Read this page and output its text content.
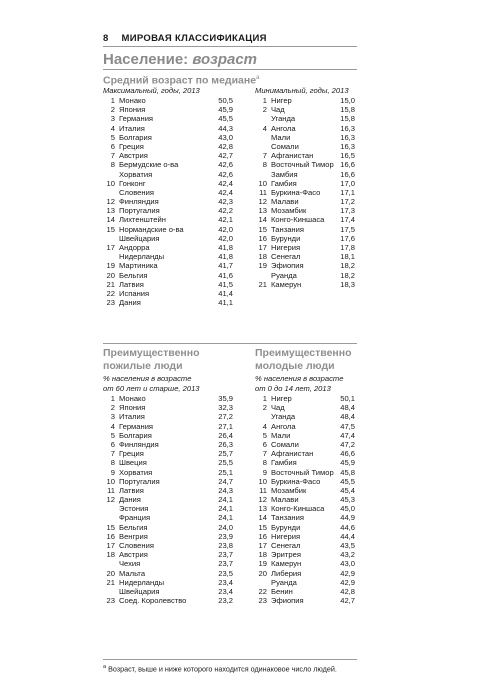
8 МИРОВАЯ КЛАССИФИКАЦИЯ
Население: возраст
Средний возраст по медиане$^а$
Максимальный, годы, 2013	Минимальный, годы, 2013
1 Монако	50,5
2 Япония	45,9
3 Германия	45,5
4 Италия	44,3
5 Болгария	43,0
6 Греция	42,8
7 Австрия	42,7
8 Бермудские о-ва	42,6
Хорватия	42,6
10 Гонконг	42,4
Словения	42,4
12 Финляндия	42,3
13 Португалия	42,2
14 Лихтенштейн	42,1
15 Нормандские о-ва	42,0
Швейцария	42,0
17 Андорра	41,8
Нидерланды	41,8
19 Мартиника	41,7
20 Бельгия	41,6
21 Латвия	41,5
22 Испания	41,4
23 Дания	41,1
1 Нигер	15,0
2 Чад	15,8
Уганда	15,8
4 Ангола	16,3
Мали	16,3
Сомали	16,3
7 Афганистан	16,5
8 Восточный Тимор 16,6
Замбия	16,6
10 Гамбия	17,0
11 Буркина-Фасо	17,1
12 Малави	17,2
13 Мозамбик	17,3
14 Конго-Киншаса 17,4
15 Танзания	17,5
16 Бурунди	17,6
17 Нигерия	17,8
18 Сенегал	18,1
19 Эфиопия	18,2
Руанда	18,2
21 Камерун	18,3
Преимущественно
пожилые люди
% населения в возрасте
от 60 лет и старше, 2013
Преимущественно
молодые люди
% населения в возрасте
от 0 до 14 лет, 2013
1 Монако	35,9
2 Япония	32,3
3 Италия	27,2
4 Германия	27,1
5 Болгария	26,4
6 Финляндия	26,3
7 Греция	25,7
8 Швеция	25,5
9 Хорватия	25,1
10 Португалия	24,7
11 Латвия	24,3
12 Дания	24,1
Эстония	24,1
Франция	24,1
15 Бельгия	24,0
16 Венгрия	23,9
17 Словения	23,8
18 Австрия	23,7
Чехия	23,7
20 Мальта	23,5
21 Нидерланды	23,4
Швейцария	23,4
23 Соед. Королевство	23,2
1 Нигер	50,1
2 Чад	48,4
Уганда	48,4
4 Ангола	47,5
5 Мали	47,4
6 Сомали	47,2
7 Афганистан	46,6
8 Гамбия	45,9
9 Восточный Тимор 45,8
10 Буркина-Фасо	45,5
11 Мозамбик	45,4
12 Малави	45,3
13 Конго-Киншаса 45,0
14 Танзания	44,9
15 Бурунди	44,6
16 Нигерия	44,4
17 Сенегал	43,5
18 Эритрея	43,2
19 Камерун	43,0
20 Либерия	42,9
Руанда	42,9
22 Бенин	42,8
23 Эфиопия	42,7
$^а$ Возраст, выше и ниже которого находится одинаковое число людей.
